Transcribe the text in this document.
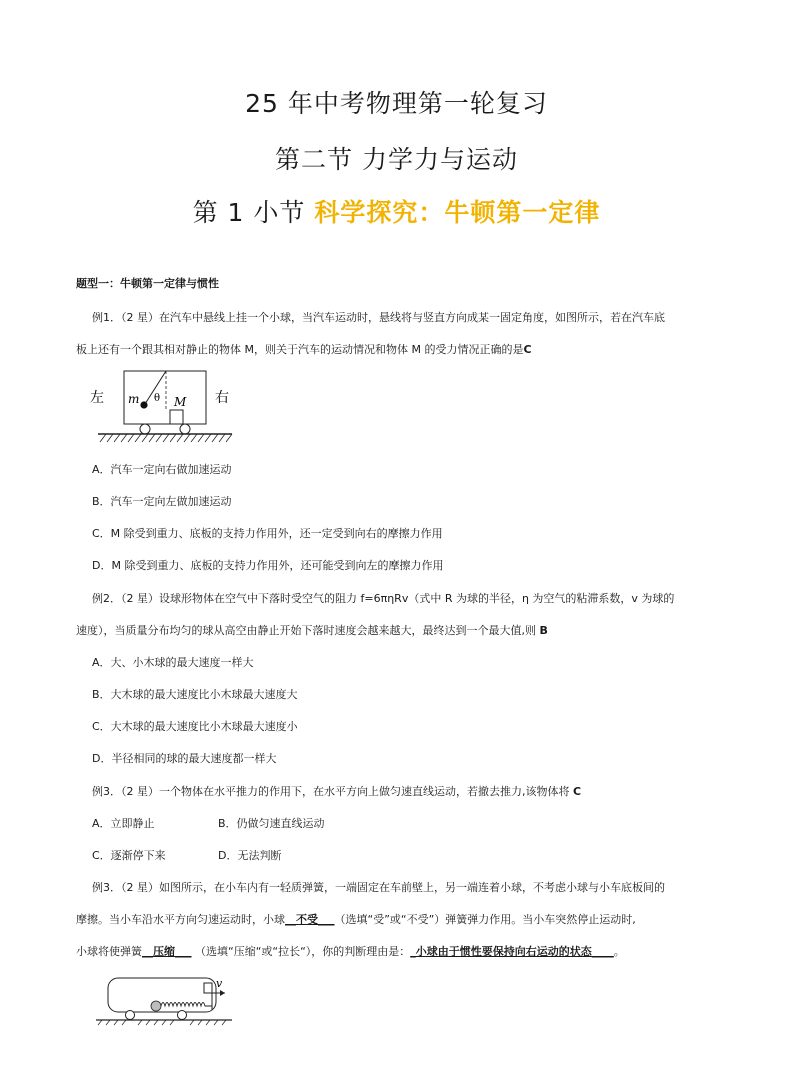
25 年中考物理第一轮复习
第二节 力学力与运动
第 1 小节 科学探究：牛顿第一定律
题型一：牛顿第一定律与惯性
例1．（2 星）在汽车中悬线上挂一个小球，当汽车运动时，悬线将与竖直方向成某一固定角度，如图所示，若在汽车底
板上还有一个跟其相对静止的物体 M，则关于汽车的运动情况和物体 M 的受力情况正确的是C
左	右
m θ M
A．汽车一定向右做加速运动
B．汽车一定向左做加速运动
C．M 除受到重力、底板的支持力作用外，还一定受到向右的摩擦力作用
D．M 除受到重力、底板的支持力作用外，还可能受到向左的摩擦力作用
例2．（2 星）设球形物体在空气中下落时受空气的阻力 f=6πηRv（式中 R 为球的半径，η 为空气的粘滞系数，v 为球的
速度），当质量分布均匀的球从高空由静止开始下落时速度会越来越大，最终达到一个最大值,则 B
A．大、小木球的最大速度一样大
B．大木球的最大速度比小木球最大速度大
C．大木球的最大速度比小木球最大速度小
D．半径相同的球的最大速度都一样大
例3．（2 星）一个物体在水平推力的作用下，在水平方向上做匀速直线运动，若撤去推力,该物体将 C
A．立即静止	B．仍做匀速直线运动
C．逐渐停下来	D．无法判断
例3．（2 星）如图所示，在小车内有一轻质弹簧，一端固定在车前壁上，另一端连着小球，不考虑小球与小车底板间的
摩擦。当小车沿水平方向匀速运动时，小球__不受___（选填“受”或“不受”）弹簧弹力作用。当小车突然停止运动时,
小球将使弹簧__压缩___ （选填“压缩“或“拉长“），你的判断理由是：_小球由于惯性要保持向右运动的状态____。
v
